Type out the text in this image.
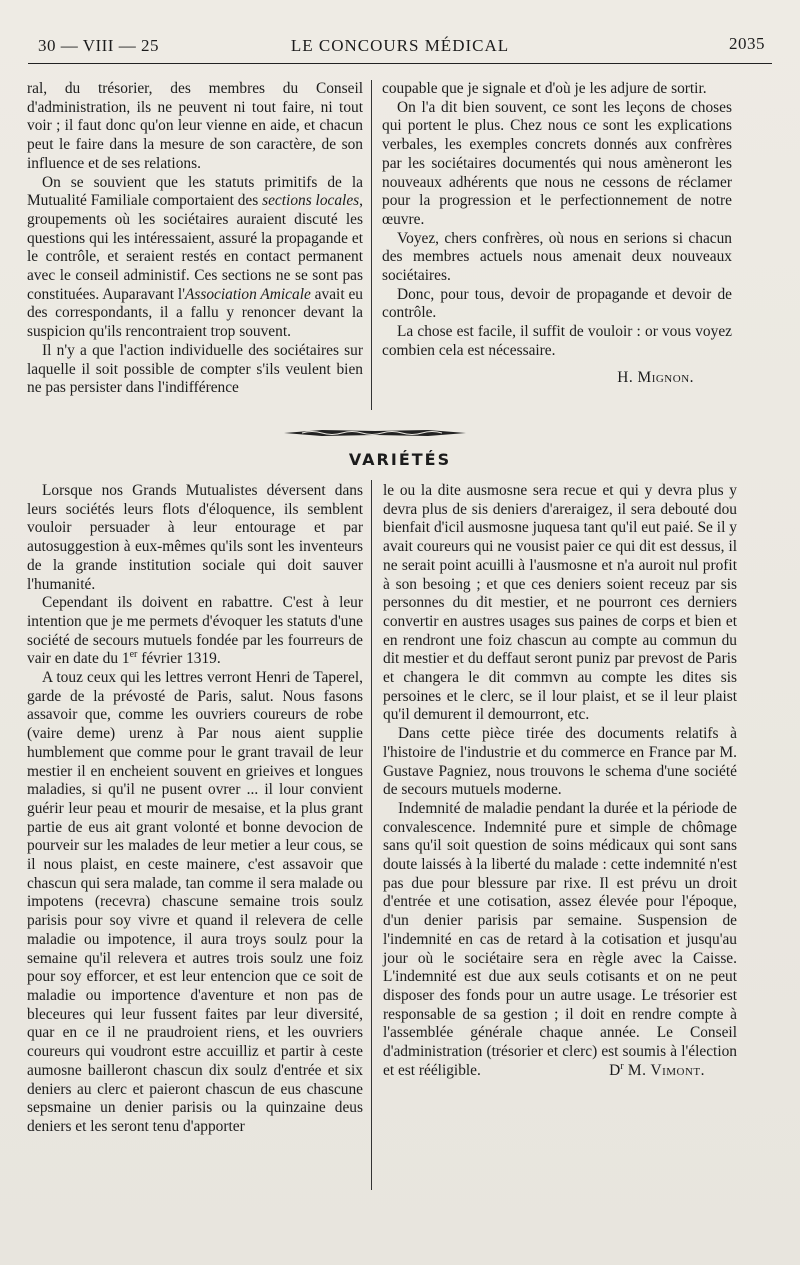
30 — VIII — 25	LE CONCOURS MÉDICAL	2035

ral, du trésorier, des membres du Conseil d'administration, ils ne peuvent ni tout faire, ni tout voir ; il faut donc qu'on leur vienne en aide, et chacun peut le faire dans la mesure de son caractère, de son influence et de ses relations.

On se souvient que les statuts primitifs de la Mutualité Familiale comportaient des sections locales, groupements où les sociétaires auraient discuté les questions qui les intéressaient, assuré la propagande et le contrôle, et seraient restés en contact permanent avec le conseil administif. Ces sections ne se sont pas constituées. Auparavant l'Association Amicale avait eu des correspondants, il a fallu y renoncer devant la suspicion qu'ils rencontraient trop souvent.

Il n'y a que l'action individuelle des sociétaires sur laquelle il soit possible de compter s'ils veulent bien ne pas persister dans l'indifférence

coupable que je signale et d'où je les adjure de sortir.

On l'a dit bien souvent, ce sont les leçons de choses qui portent le plus. Chez nous ce sont les explications verbales, les exemples concrets donnés aux confrères par les sociétaires documentés qui nous amèneront les nouveaux adhérents que nous ne cessons de réclamer pour la progression et le perfectionnement de notre œuvre.

Voyez, chers confrères, où nous en serions si chacun des membres actuels nous amenait deux nouveaux sociétaires.

Donc, pour tous, devoir de propagande et devoir de contrôle.

La chose est facile, il suffit de vouloir : or vous voyez combien cela est nécessaire.

H. Mignon.
VARIÉTÉS

Lorsque nos Grands Mutualistes déversent dans leurs sociétés leurs flots d'éloquence, ils semblent vouloir persuader à leur entourage et par autosuggestion à eux-mêmes qu'ils sont les inventeurs de la grande institution sociale qui doit sauver l'humanité.

Cependant ils doivent en rabattre. C'est à leur intention que je me permets d'évoquer les statuts d'une société de secours mutuels fondée par les fourreurs de vair en date du 1er février 1319.

A touz ceux qui les lettres verront Henri de Taperel, garde de la prévosté de Paris, salut. Nous fasons assavoir que, comme les ouvriers coureurs de robe (vaire deme) urenz à Par nous aient supplie humblement que comme pour le grant travail de leur mestier il en encheient souvent en grieives et longues maladies, si qu'il ne pusent ovrer ... il lour convient guérir leur peau et mourir de mesaise, et la plus grant partie de eus ait grant volonté et bonne devocion de pourveir sur les malades de leur metier a leur cous, se il nous plaist, en ceste mainere, c'est assavoir que chascun qui sera malade, tan comme il sera malade ou impotens (recevra) chascune semaine trois soulz parisis pour soy vivre et quand il relevera de celle maladie ou impotence, il aura troys soulz pour la semaine qu'il relevera et autres trois soulz une foiz pour soy efforcer, et est leur entencion que ce soit de maladie ou importence d'aventure et non pas de bleceures qui leur fussent faites par leur diversité, quar en ce il ne praudroient riens, et les ouvriers coureurs qui voudront estre accuilliz et partir à ceste aumosne bailleront chascun dix soulz d'entrée et six deniers au clerc et paieront chascun de eus chascune sepsmaine un denier parisis ou la quinzaine deus deniers et les seront tenu d'apporter

le ou la dite ausmosne sera recue et qui y devra plus y devra plus de sis deniers d'areraigez, il sera debouté dou bienfait d'icil ausmosne juquesa tant qu'il eut paié. Se il y avait coureurs qui ne vousist paier ce qui dit est dessus, il ne serait point acuilli à l'ausmosne et n'a auroit nul profit à son besoing ; et que ces deniers soient receuz par sis personnes du dit mestier, et ne pourront ces derniers convertir en austres usages sus paines de corps et bien et en rendront une foiz chascun au compte au commun du dit mestier et du deffaut seront puniz par prevost de Paris et changera le dit commvn au compte les dites sis persoines et le clerc, se il lour plaist, et se il leur plaist qu'il demurent il demourront, etc.

Dans cette pièce tirée des documents relatifs à l'histoire de l'industrie et du commerce en France par M. Gustave Pagniez, nous trouvons le schema d'une société de secours mutuels moderne.

Indemnité de maladie pendant la durée et la période de convalescence. Indemnité pure et simple de chômage sans qu'il soit question de soins médicaux qui sont sans doute laissés à la liberté du malade : cette indemnité n'est pas due pour blessure par rixe. Il est prévu un droit d'entrée et une cotisation, assez élevée pour l'époque, d'un denier parisis par semaine. Suspension de l'indemnité en cas de retard à la cotisation et jusqu'au jour où le sociétaire sera en règle avec la Caisse. L'indemnité est due aux seuls cotisants et on ne peut disposer des fonds pour un autre usage. Le trésorier est responsable de sa gestion ; il doit en rendre compte à l'assemblée générale chaque année. Le Conseil d'administration (trésorier et clerc) est soumis à l'élection et est rééligible.	$D^r$ M. Vimont.
